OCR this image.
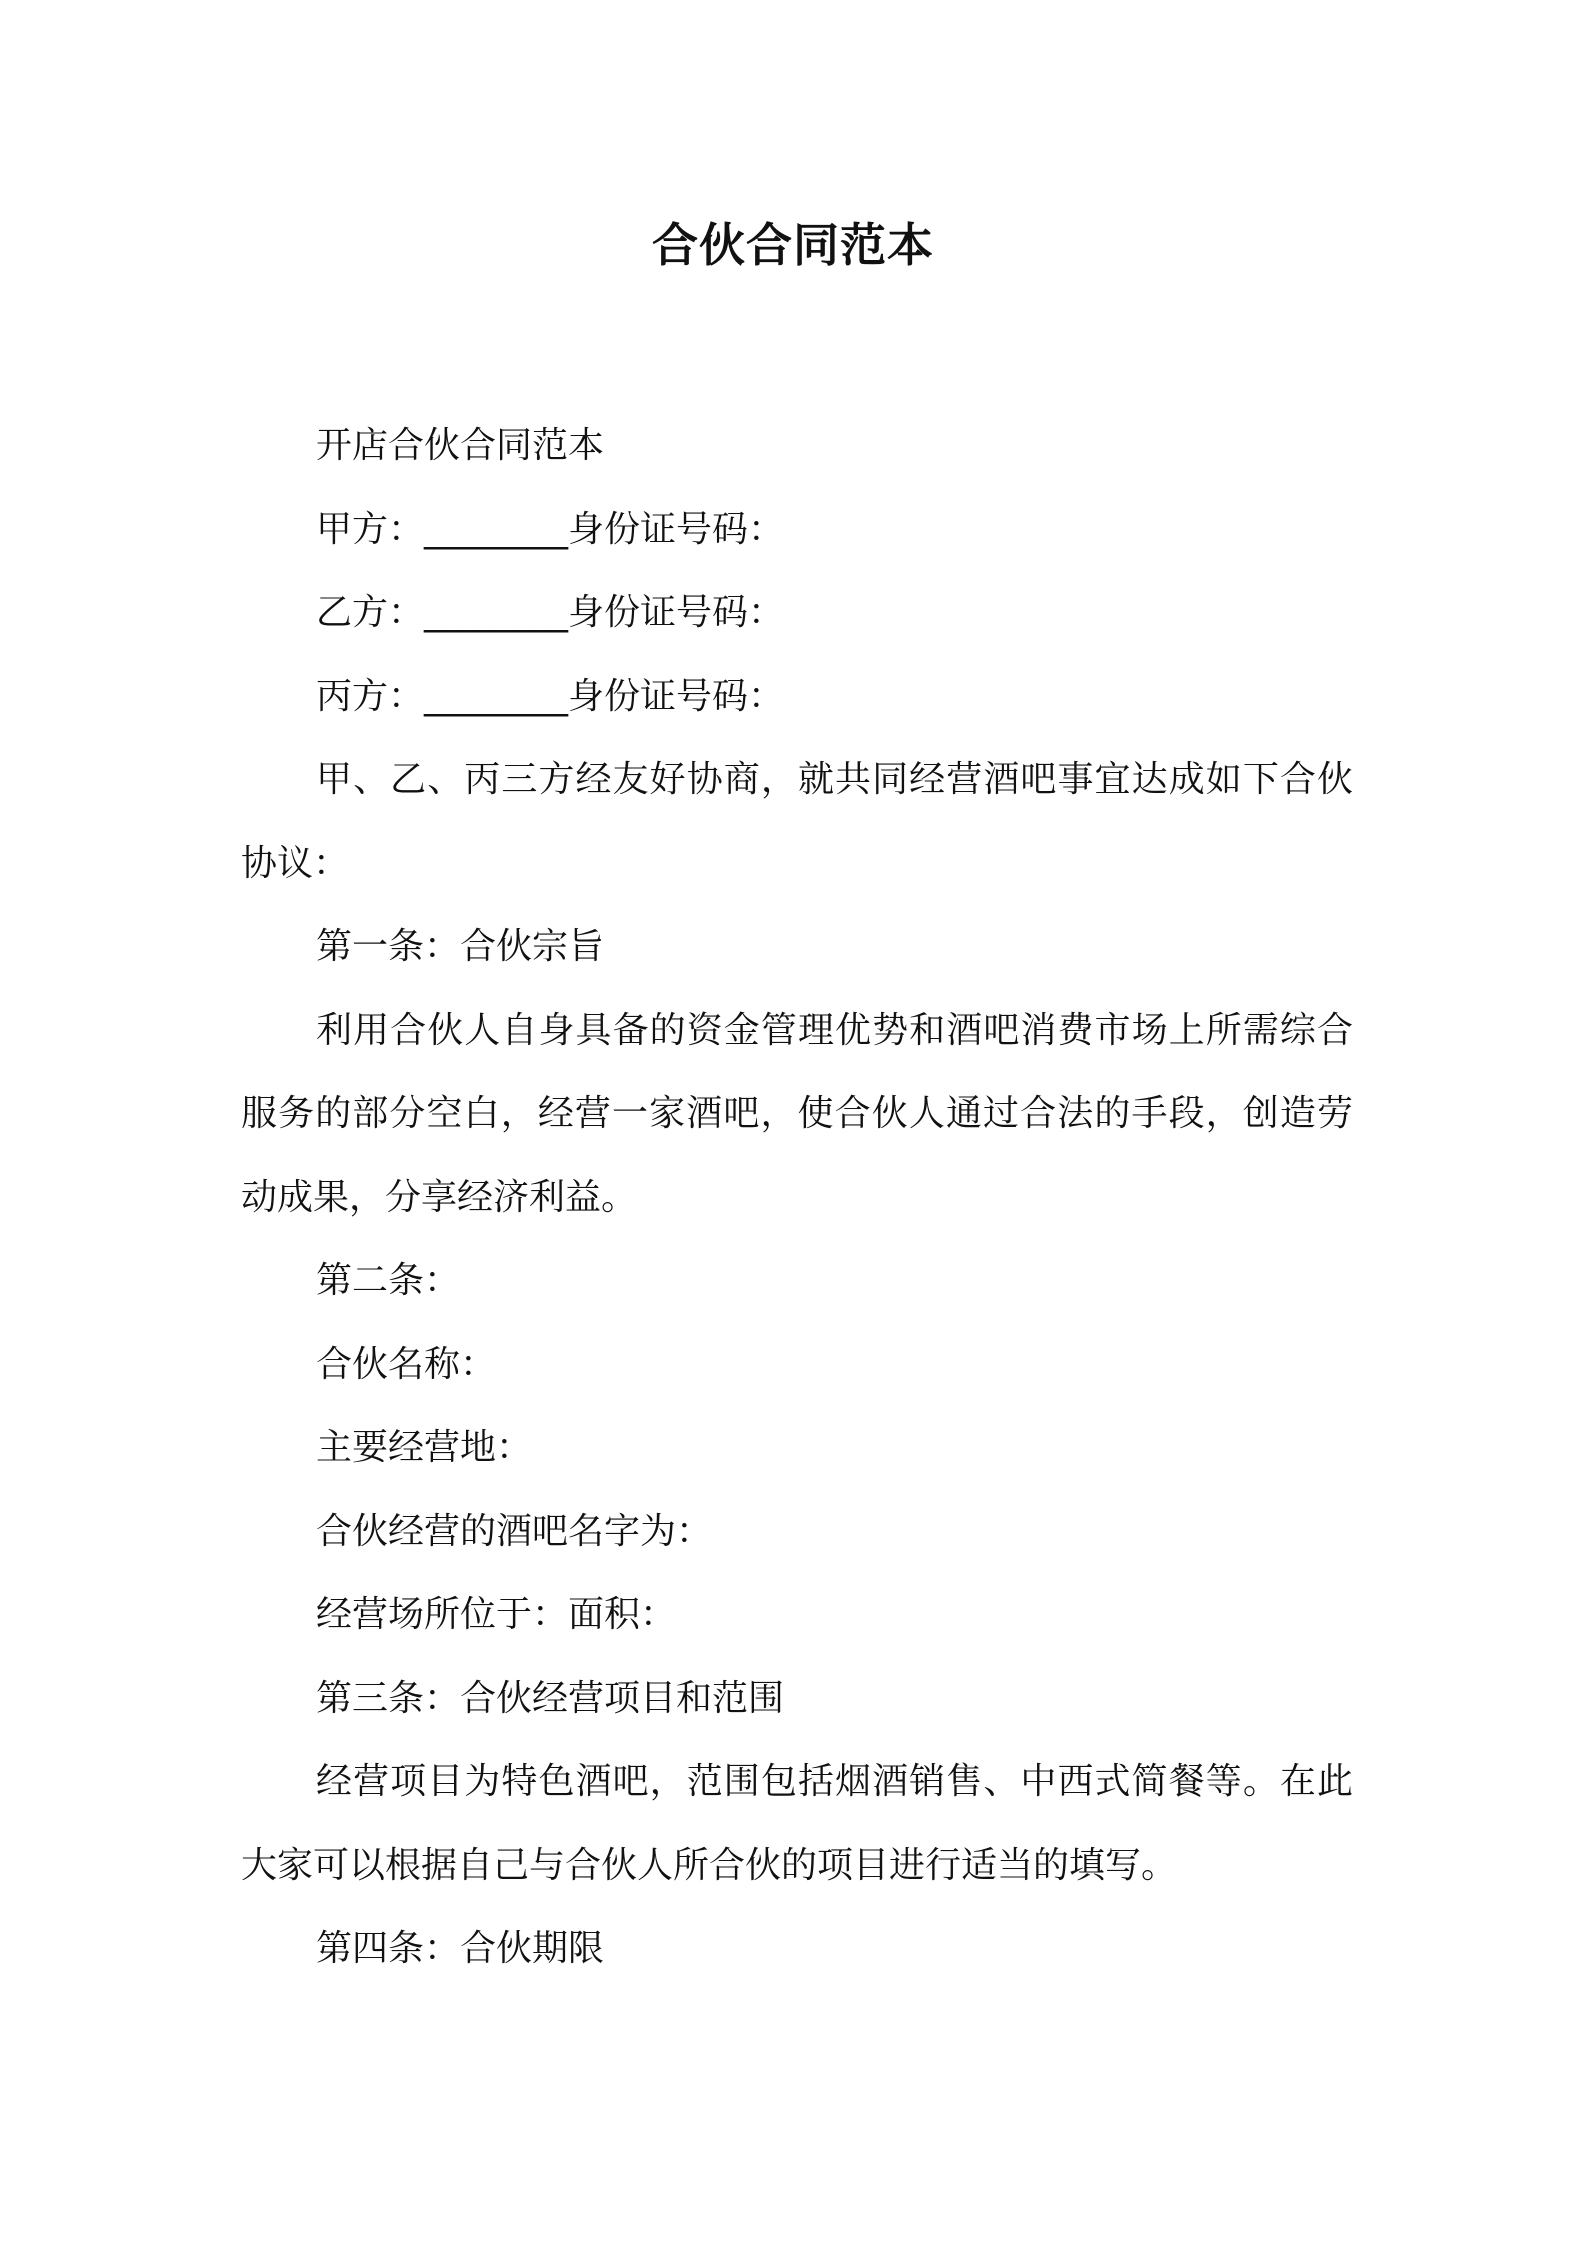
合伙合同范本

开店合伙合同范本

甲方：________身份证号码：

乙方：________身份证号码：

丙方：________身份证号码：

甲、乙、丙三方经友好协商，就共同经营酒吧事宜达成如下合伙协议：

第一条：合伙宗旨

利用合伙人自身具备的资金管理优势和酒吧消费市场上所需综合服务的部分空白，经营一家酒吧，使合伙人通过合法的手段，创造劳动成果，分享经济利益。

第二条：

合伙名称：

主要经营地：

合伙经营的酒吧名字为：

经营场所位于：面积：

第三条：合伙经营项目和范围

经营项目为特色酒吧，范围包括烟酒销售、中西式简餐等。在此大家可以根据自己与合伙人所合伙的项目进行适当的填写。

第四条：合伙期限
